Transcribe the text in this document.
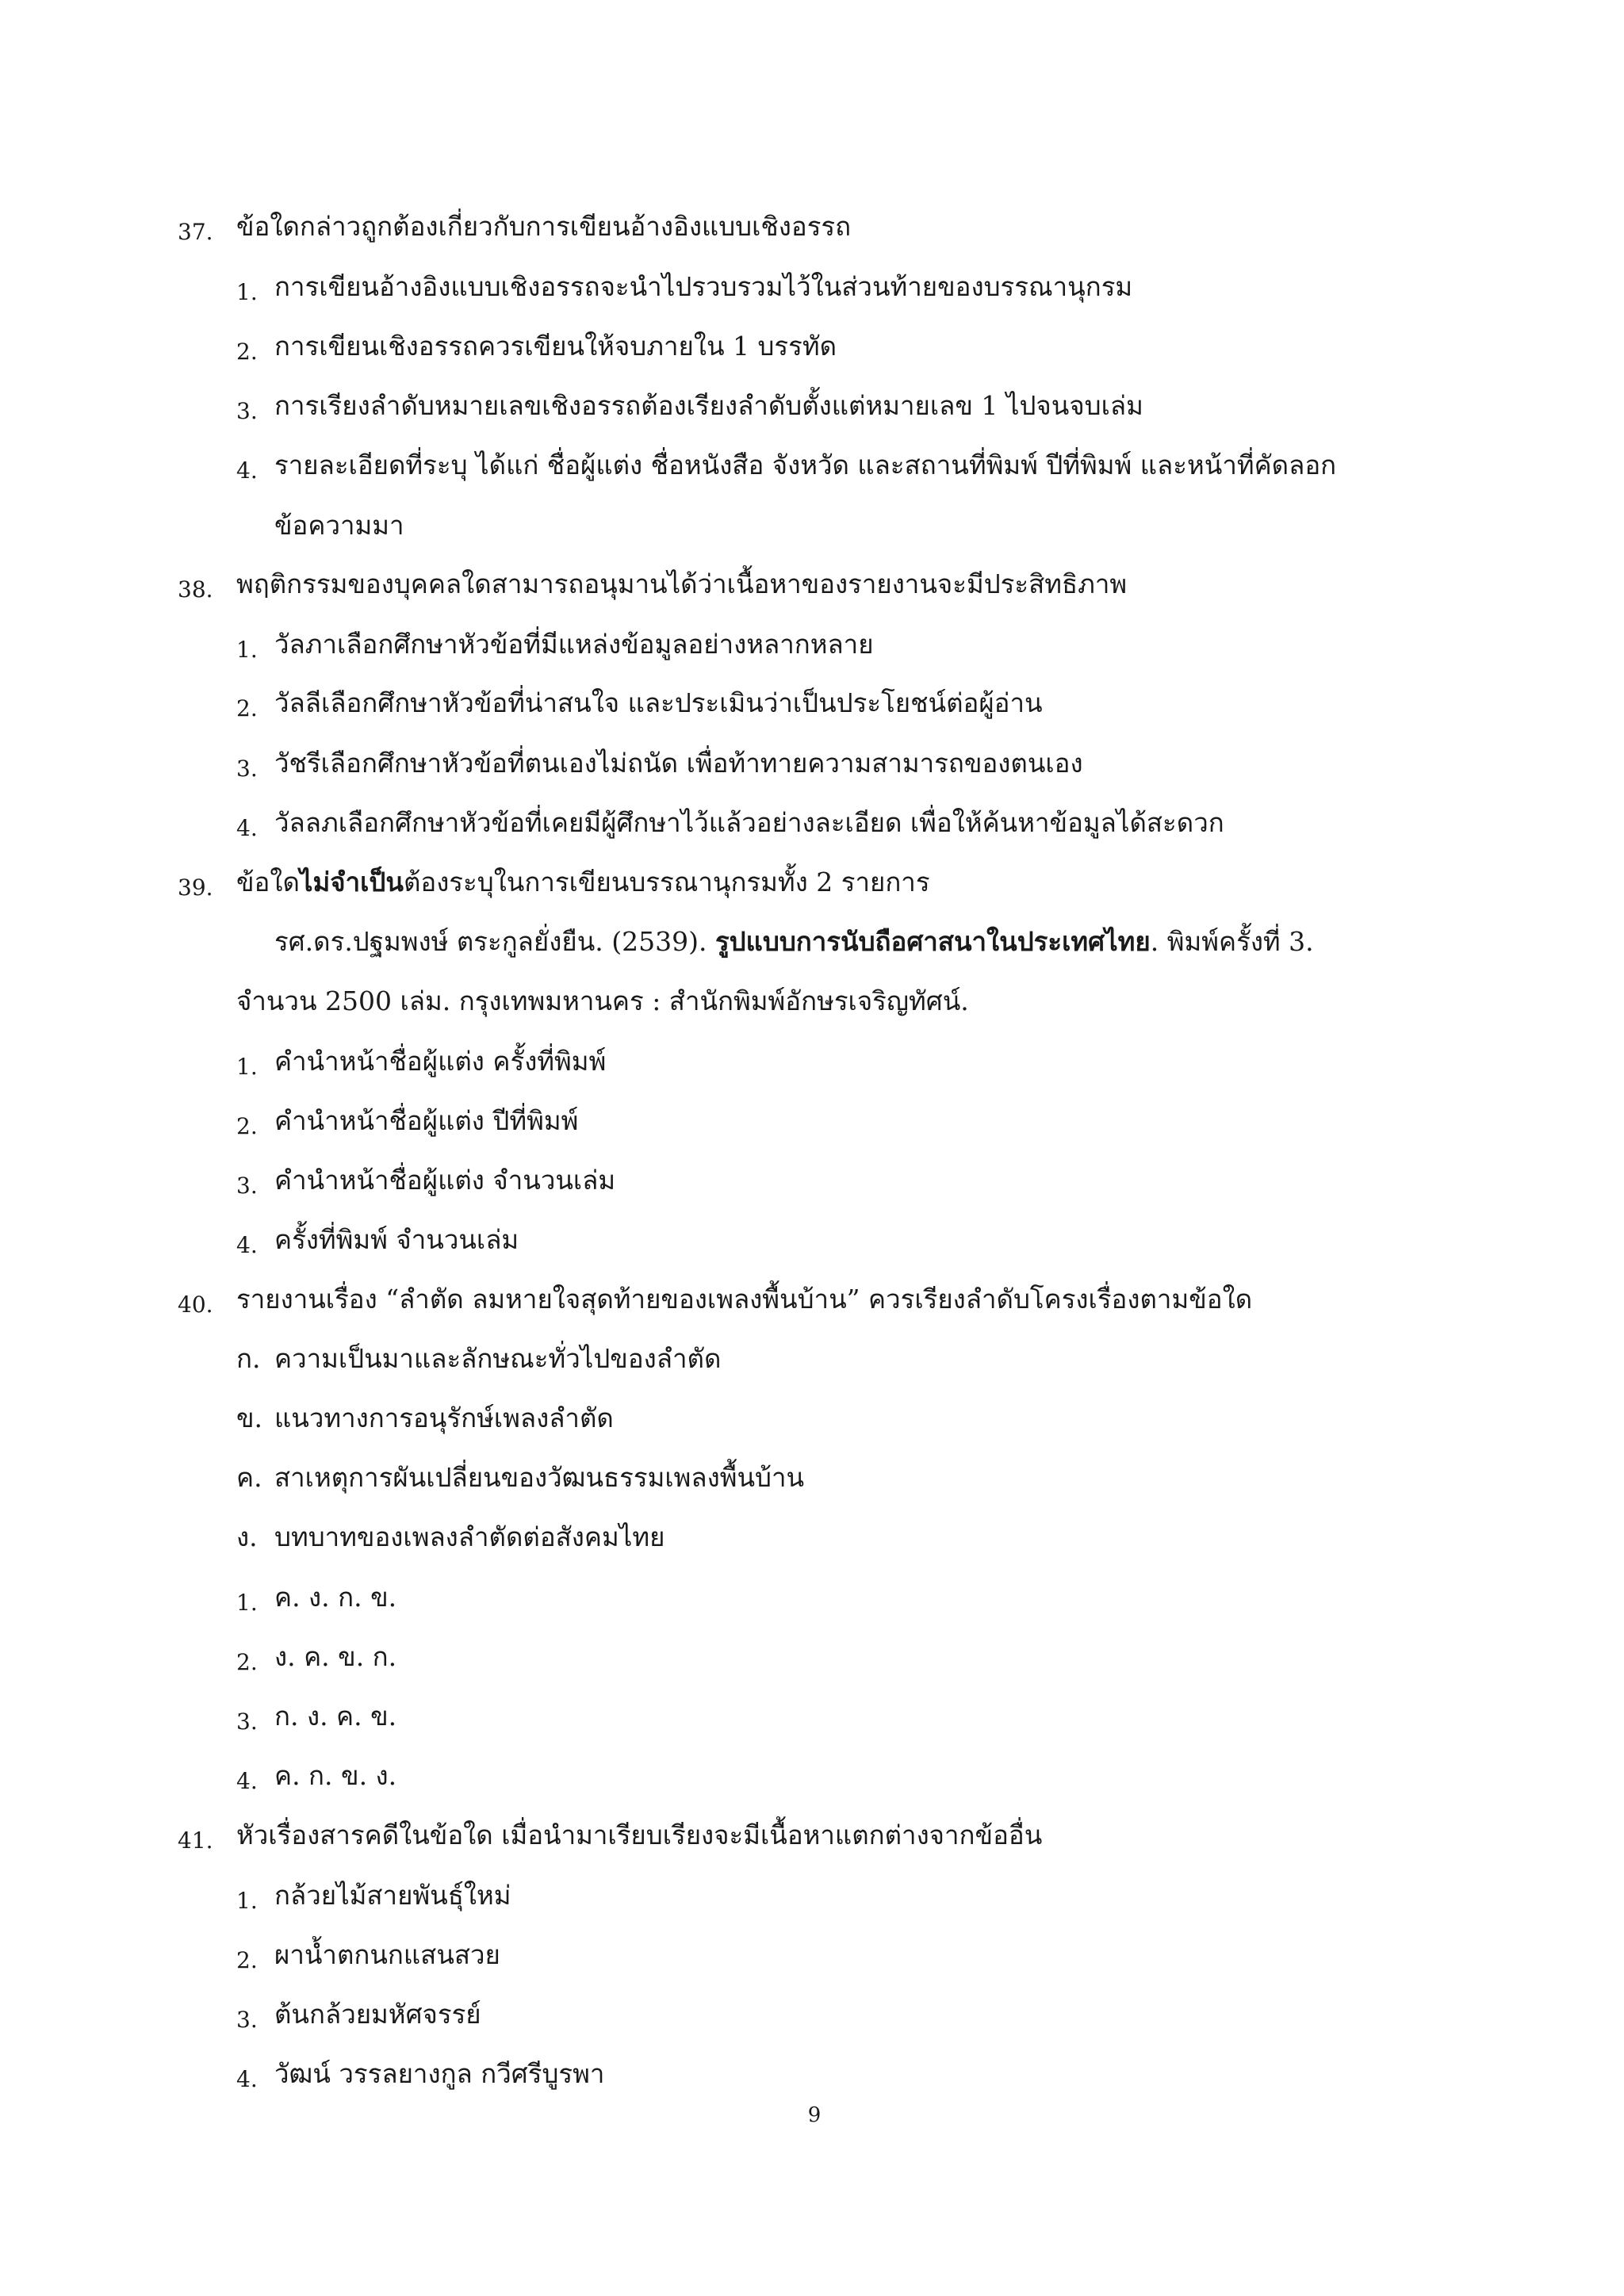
37. ข้อใดกล่าวถูกต้องเกี่ยวกับการเขียนอ้างอิงแบบเชิงอรรถ
1. การเขียนอ้างอิงแบบเชิงอรรถจะนำไปรวบรวมไว้ในส่วนท้ายของบรรณานุกรม
2. การเขียนเชิงอรรถควรเขียนให้จบภายใน 1 บรรทัด
3. การเรียงลำดับหมายเลขเชิงอรรถต้องเรียงลำดับตั้งแต่หมายเลข 1 ไปจนจบเล่ม
4. รายละเอียดที่ระบุ ได้แก่ ชื่อผู้แต่ง ชื่อหนังสือ จังหวัด และสถานที่พิมพ์ ปีที่พิมพ์ และหน้าที่คัดลอก
ข้อความมา
38. พฤติกรรมของบุคคลใดสามารถอนุมานได้ว่าเนื้อหาของรายงานจะมีประสิทธิภาพ
1. วัลภาเลือกศึกษาหัวข้อที่มีแหล่งข้อมูลอย่างหลากหลาย
2. วัลลีเลือกศึกษาหัวข้อที่น่าสนใจ และประเมินว่าเป็นประโยชน์ต่อผู้อ่าน
3. วัชรีเลือกศึกษาหัวข้อที่ตนเองไม่ถนัด เพื่อท้าทายความสามารถของตนเอง
4. วัลลภเลือกศึกษาหัวข้อที่เคยมีผู้ศึกษาไว้แล้วอย่างละเอียด เพื่อให้ค้นหาข้อมูลได้สะดวก
39. ข้อใดไม่จำเป็นต้องระบุในการเขียนบรรณานุกรมทั้ง 2 รายการ
รศ.ดร.ปฐมพงษ์ ตระกูลยั่งยืน. (2539). รูปแบบการนับถือศาสนาในประเทศไทย. พิมพ์ครั้งที่ 3.
จำนวน 2500 เล่ม. กรุงเทพมหานคร : สำนักพิมพ์อักษรเจริญทัศน์.
1. คำนำหน้าชื่อผู้แต่ง ครั้งที่พิมพ์
2. คำนำหน้าชื่อผู้แต่ง ปีที่พิมพ์
3. คำนำหน้าชื่อผู้แต่ง จำนวนเล่ม
4. ครั้งที่พิมพ์ จำนวนเล่ม
40. รายงานเรื่อง “ลำตัด ลมหายใจสุดท้ายของเพลงพื้นบ้าน” ควรเรียงลำดับโครงเรื่องตามข้อใด
ก. ความเป็นมาและลักษณะทั่วไปของลำตัด
ข. แนวทางการอนุรักษ์เพลงลำตัด
ค. สาเหตุการผันเปลี่ยนของวัฒนธรรมเพลงพื้นบ้าน
ง. บทบาทของเพลงลำตัดต่อสังคมไทย
1. ค. ง. ก. ข.
2. ง. ค. ข. ก.
3. ก. ง. ค. ข.
4. ค. ก. ข. ง.
41. หัวเรื่องสารคดีในข้อใด เมื่อนำมาเรียบเรียงจะมีเนื้อหาแตกต่างจากข้ออื่น
1. กล้วยไม้สายพันธุ์ใหม่
2. ผาน้ำตกนกแสนสวย
3. ต้นกล้วยมหัศจรรย์
4. วัฒน์ วรรลยางกูล กวีศรีบูรพา
9
